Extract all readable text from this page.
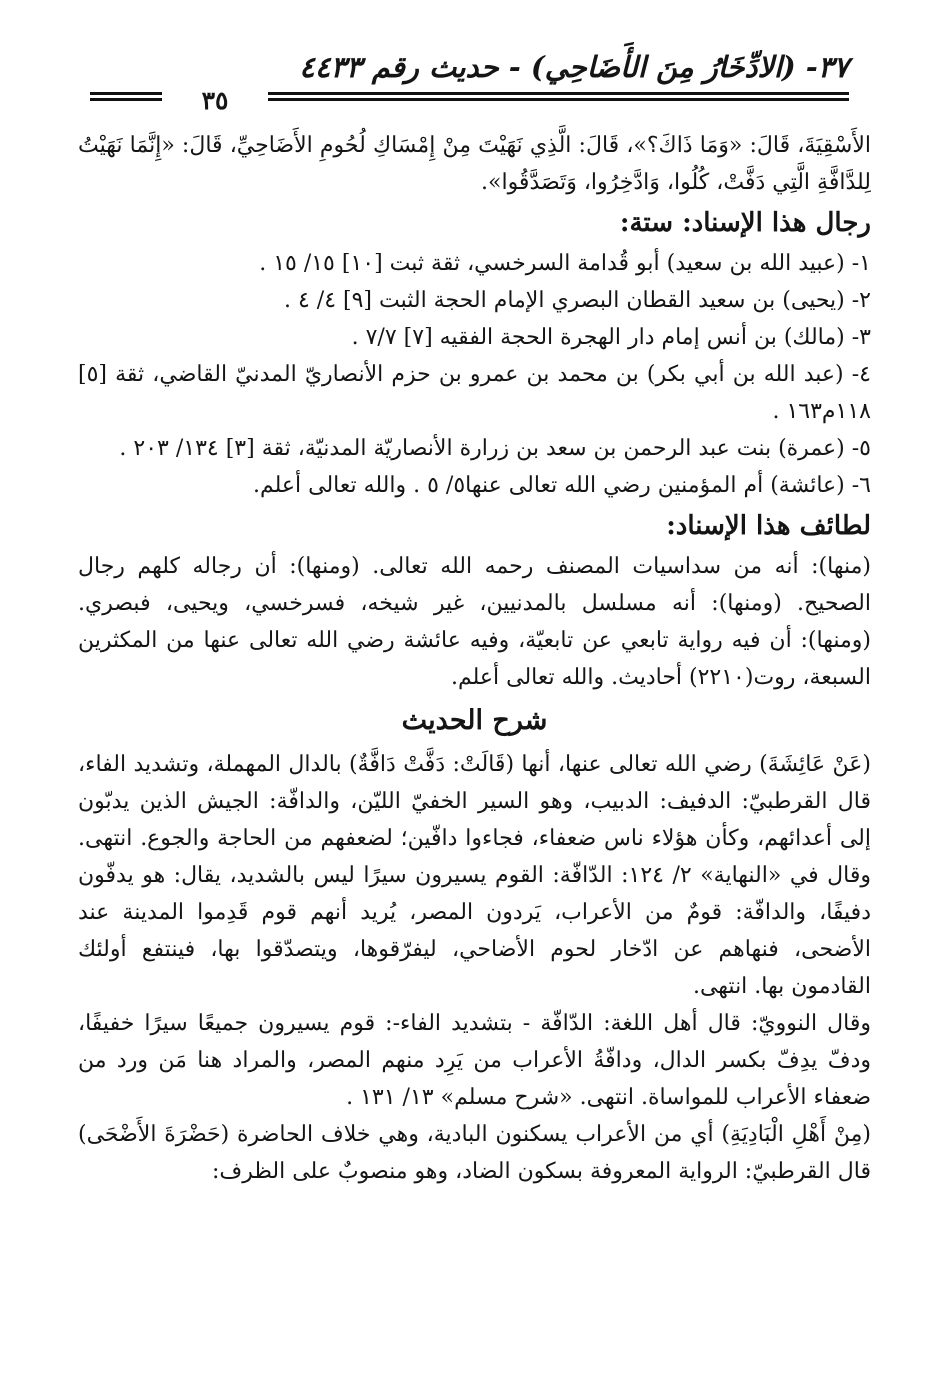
٣٧- (الادِّخَارُ مِنَ الأَضَاحِي) - حديث رقم ٤٤٣٣
٣٥

الأَسْقِيَةَ، قَالَ: «وَمَا ذَاكَ؟»، قَالَ: الَّذِي نَهَيْتَ مِنْ إِمْسَاكِ لُحُومِ الأَضَاحِيِّ، قَالَ: «إِنَّمَا نَهَيْتُ لِلدَّافَّةِ الَّتِي دَفَّتْ، كُلُوا، وَادَّخِرُوا، وَتَصَدَّقُوا».

رجال هذا الإسناد: ستة:

١- (عبيد الله بن سعيد) أبو قُدامة السرخسي، ثقة ثبت [١٠] ١٥/ ١٥ .

٢- (يحيى) بن سعيد القطان البصري الإمام الحجة الثبت [٩] ٤/ ٤ .

٣- (مالك) بن أنس إمام دار الهجرة الحجة الفقيه [٧] ٧/٧ .

٤- (عبد الله بن أبي بكر) بن محمد بن عمرو بن حزم الأنصاريّ المدنيّ القاضي، ثقة [٥] ١١٨م١٦٣ .

٥- (عمرة) بنت عبد الرحمن بن سعد بن زرارة الأنصاريّة المدنيّة، ثقة [٣] ١٣٤/ ٢٠٣ .

٦- (عائشة) أم المؤمنين رضي الله تعالى عنها٥/ ٥ . والله تعالى أعلم.

لطائف هذا الإسناد:

(منها): أنه من سداسيات المصنف رحمه الله تعالى. (ومنها): أن رجاله كلهم رجال الصحيح. (ومنها): أنه مسلسل بالمدنيين، غير شيخه، فسرخسي، ويحيى، فبصري. (ومنها): أن فيه رواية تابعي عن تابعيّة، وفيه عائشة رضي الله تعالى عنها من المكثرين السبعة، روت(٢٢١٠) أحاديث. والله تعالى أعلم.

شرح الحديث

(عَنْ عَائِشَةَ) رضي الله تعالى عنها، أنها (قَالَتْ: دَفَّتْ دَافَّةٌ) بالدال المهملة، وتشديد الفاء، قال القرطبيّ: الدفيف: الدبيب، وهو السير الخفيّ الليّن، والدافّة: الجيش الذين يدبّون إلى أعدائهم، وكأن هؤلاء ناس ضعفاء، فجاءوا دافّين؛ لضعفهم من الحاجة والجوع. انتهى. وقال في «النهاية» ٢/ ١٢٤: الدّافّة: القوم يسيرون سيرًا ليس بالشديد، يقال: هو يدفّون دفيفًا، والدافّة: قومٌ من الأعراب، يَردون المصر، يُريد أنهم قوم قَدِموا المدينة عند الأضحى، فنهاهم عن ادّخار لحوم الأضاحي، ليفرّقوها، ويتصدّقوا بها، فينتفع أولئك القادمون بها. انتهى.

وقال النوويّ: قال أهل اللغة: الدّافّة - بتشديد الفاء-: قوم يسيرون جميعًا سيرًا خفيفًا، ودفّ يدِفّ بكسر الدال، ودافّةُ الأعراب من يَرِد منهم المصر، والمراد هنا مَن ورد من ضعفاء الأعراب للمواساة. انتهى. «شرح مسلم» ١٣/ ١٣١ .

(مِنْ أَهْلِ الْبَادِيَةِ) أي من الأعراب يسكنون البادية، وهي خلاف الحاضرة (حَضْرَةَ الأَضْحَى) قال القرطبيّ: الرواية المعروفة بسكون الضاد، وهو منصوبٌ على الظرف:
